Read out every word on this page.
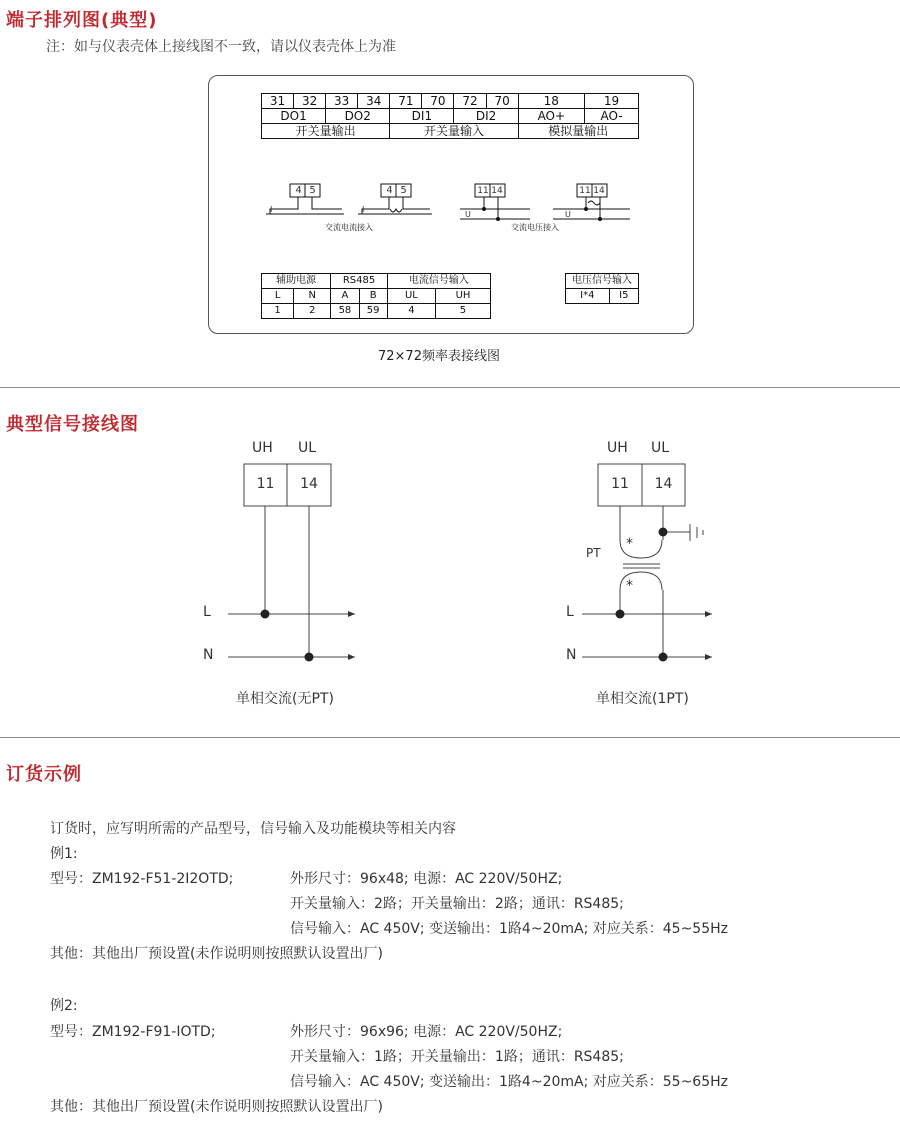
端子排列图(典型)
注：如与仪表壳体上接线图不一致，请以仪表壳体上为准
31	32	33	34	71	70	72	70	18	19
DO1		DO2		DI1		DI2		AO+	AO-
开关量输出				开关量输入				模拟量输出	
4 5	4 5	11 14	11 14
I	I
U	U
交流电流接入	交流电压接入
辅助电源		RS485		电流信号输入	
L	N	A	B	UL	UH
1	2	58	59	4	5
电压信号输入
I*4	I5
72×72频率表接线图
典型信号接线图
UH UL
11	14
L
N
单相交流(无PT)
UH UL
11	14
PT
*
*
L
N
单相交流(1PT)
订货示例
订货时，应写明所需的产品型号，信号输入及功能模块等相关内容
例1:
型号：ZM192-F51-2I2OTD;	外形尺寸：96x48; 电源：AC 220V/50HZ;
开关量输入：2路；开关量输出：2路；通讯：RS485;
信号输入：AC 450V; 变送输出：1路4~20mA; 对应关系：45~55Hz
其他：其他出厂预设置(未作说明则按照默认设置出厂)
例2:
型号：ZM192-F91-IOTD;	外形尺寸：96x96; 电源：AC 220V/50HZ;
开关量输入：1路；开关量输出：1路；通讯：RS485;
信号输入：AC 450V; 变送输出：1路4~20mA; 对应关系：55~65Hz
其他：其他出厂预设置(未作说明则按照默认设置出厂)
